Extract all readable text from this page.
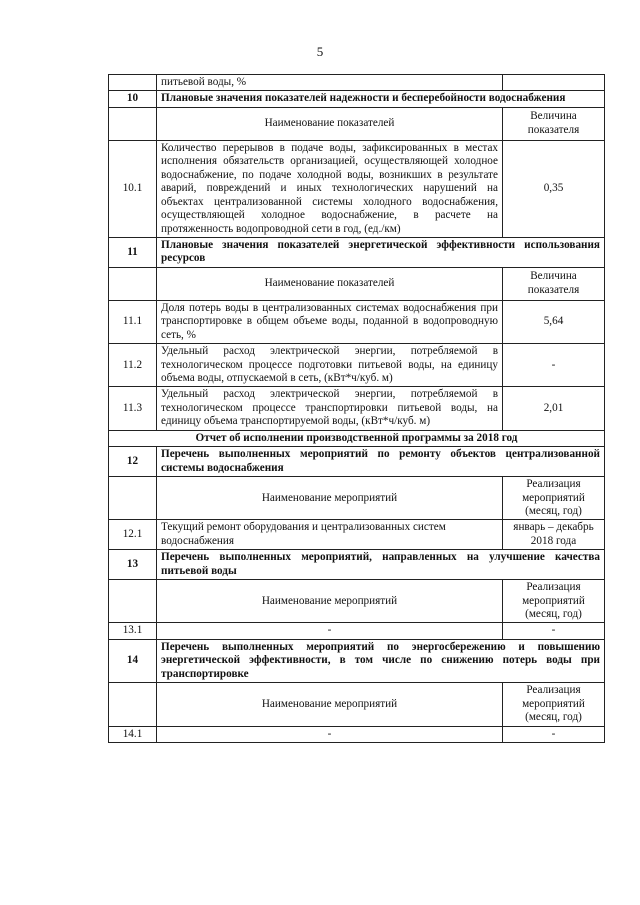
5
	питьевой воды, %	
10	Плановые значения показателей надежности и бесперебойности водоснабжения	
	Наименование показателей	Величина показателя
10.1	Количество перерывов в подаче воды, зафиксированных в местах исполнения обязательств организацией, осуществляющей холодное водоснабжение, по подаче холодной воды, возникших в результате аварий, повреждений и иных технологических нарушений на объектах централизованной системы холодного водоснабжения, осуществляющей холодное водоснабжение, в расчете на протяженность водопроводной сети в год, (ед./км)	0,35
11	Плановые значения показателей энергетической эффективности использования ресурсов	
	Наименование показателей	Величина показателя
11.1	Доля потерь воды в централизованных системах водоснабжения при транспортировке в общем объеме воды, поданной в водопроводную сеть, %	5,64
11.2	Удельный расход электрической энергии, потребляемой в технологическом процессе подготовки питьевой воды, на единицу объема воды, отпускаемой в сеть, (кВт*ч/куб. м)	-
11.3	Удельный расход электрической энергии, потребляемой в технологическом процессе транспортировки питьевой воды, на единицу объема транспортируемой воды, (кВт*ч/куб. м)	2,01
Отчет об исполнении производственной программы за 2018 год		
12	Перечень выполненных мероприятий по ремонту объектов централизованной системы водоснабжения	
	Наименование мероприятий	Реализация мероприятий (месяц, год)
12.1	Текущий ремонт оборудования и централизованных систем водоснабжения	январь – декабрь 2018 года
13	Перечень выполненных мероприятий, направленных на улучшение качества питьевой воды	
	Наименование мероприятий	Реализация мероприятий (месяц, год)
13.1	-	-
14	Перечень выполненных мероприятий по энергосбережению и повышению энергетической эффективности, в том числе по снижению потерь воды при транспортировке	
	Наименование мероприятий	Реализация мероприятий (месяц, год)
14.1	-	-
